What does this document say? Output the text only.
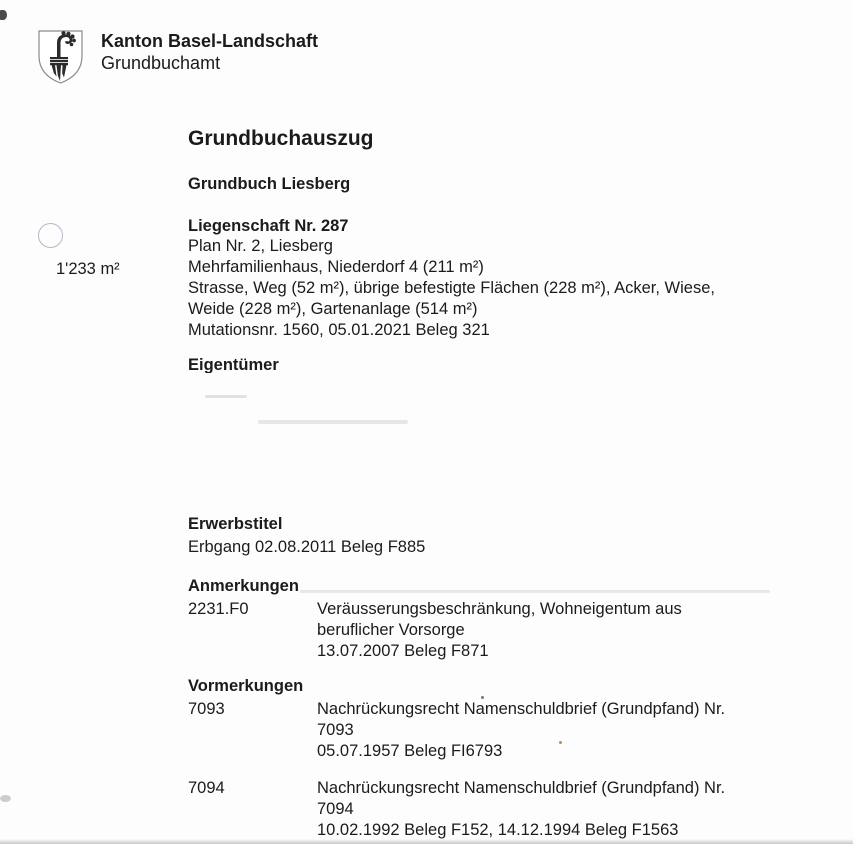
Kanton Basel-Landschaft
Grundbuchamt
Grundbuchauszug
Grundbuch Liesberg
Liegenschaft Nr. 287
Plan Nr. 2, Liesberg
1'233 m²	Mehrfamilienhaus, Niederdorf 4 (211 m²)
Strasse, Weg (52 m²), übrige befestigte Flächen (228 m²), Acker, Wiese,
Weide (228 m²), Gartenanlage (514 m²)
Mutationsnr. 1560, 05.01.2021 Beleg 321
Eigentümer
Erwerbstitel
Erbgang 02.08.2011 Beleg F885
Anmerkungen
2231.F0	Veräusserungsbeschränkung, Wohneigentum aus
beruflicher Vorsorge
13.07.2007 Beleg F871
Vormerkungen
7093	Nachrückungsrecht Namenschuldbrief (Grundpfand) Nr.
7093
05.07.1957 Beleg FI6793
7094	Nachrückungsrecht Namenschuldbrief (Grundpfand) Nr.
7094
10.02.1992 Beleg F152, 14.12.1994 Beleg F1563
